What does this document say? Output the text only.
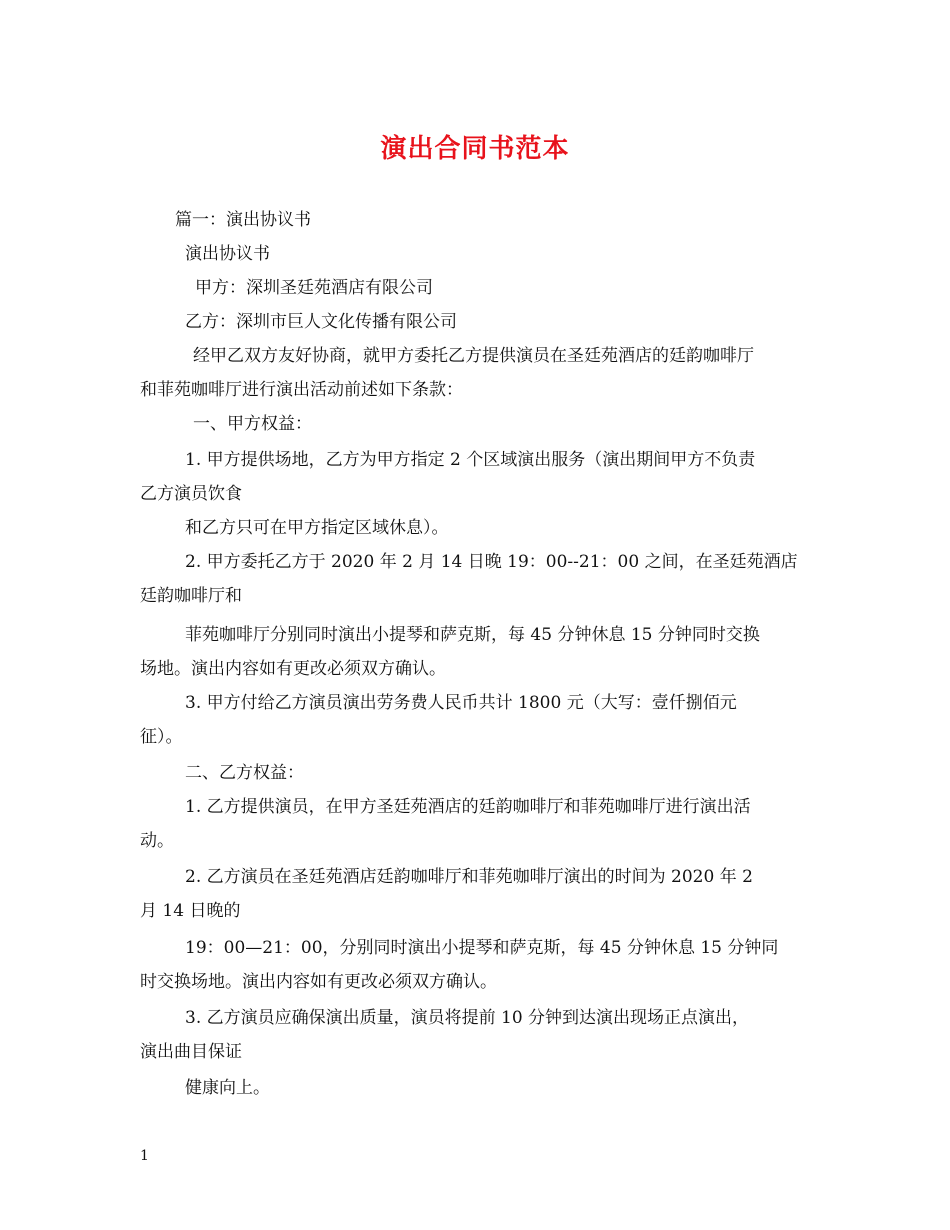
演出合同书范本
篇一：演出协议书
演出协议书
甲方：深圳圣廷苑酒店有限公司
乙方：深圳市巨人文化传播有限公司
经甲乙双方友好协商，就甲方委托乙方提供演员在圣廷苑酒店的廷韵咖啡厅
和菲苑咖啡厅进行演出活动前述如下条款：
一、甲方权益：
1. 甲方提供场地，乙方为甲方指定 2 个区域演出服务（演出期间甲方不负责
乙方演员饮食
和乙方只可在甲方指定区域休息）。
2. 甲方委托乙方于 2020 年 2 月 14 日晚 19：00--21：00 之间，在圣廷苑酒店
廷韵咖啡厅和
菲苑咖啡厅分别同时演出小提琴和萨克斯，每 45 分钟休息 15 分钟同时交换
场地。演出内容如有更改必须双方确认。
3. 甲方付给乙方演员演出劳务费人民币共计 1800 元（大写：壹仟捌佰元
征）。
二、乙方权益：
1. 乙方提供演员，在甲方圣廷苑酒店的廷韵咖啡厅和菲苑咖啡厅进行演出活
动。
2. 乙方演员在圣廷苑酒店廷韵咖啡厅和菲苑咖啡厅演出的时间为 2020 年 2
月 14 日晚的
19：00—21：00，分别同时演出小提琴和萨克斯，每 45 分钟休息 15 分钟同
时交换场地。演出内容如有更改必须双方确认。
3. 乙方演员应确保演出质量，演员将提前 10 分钟到达演出现场正点演出，
演出曲目保证
健康向上。
1
